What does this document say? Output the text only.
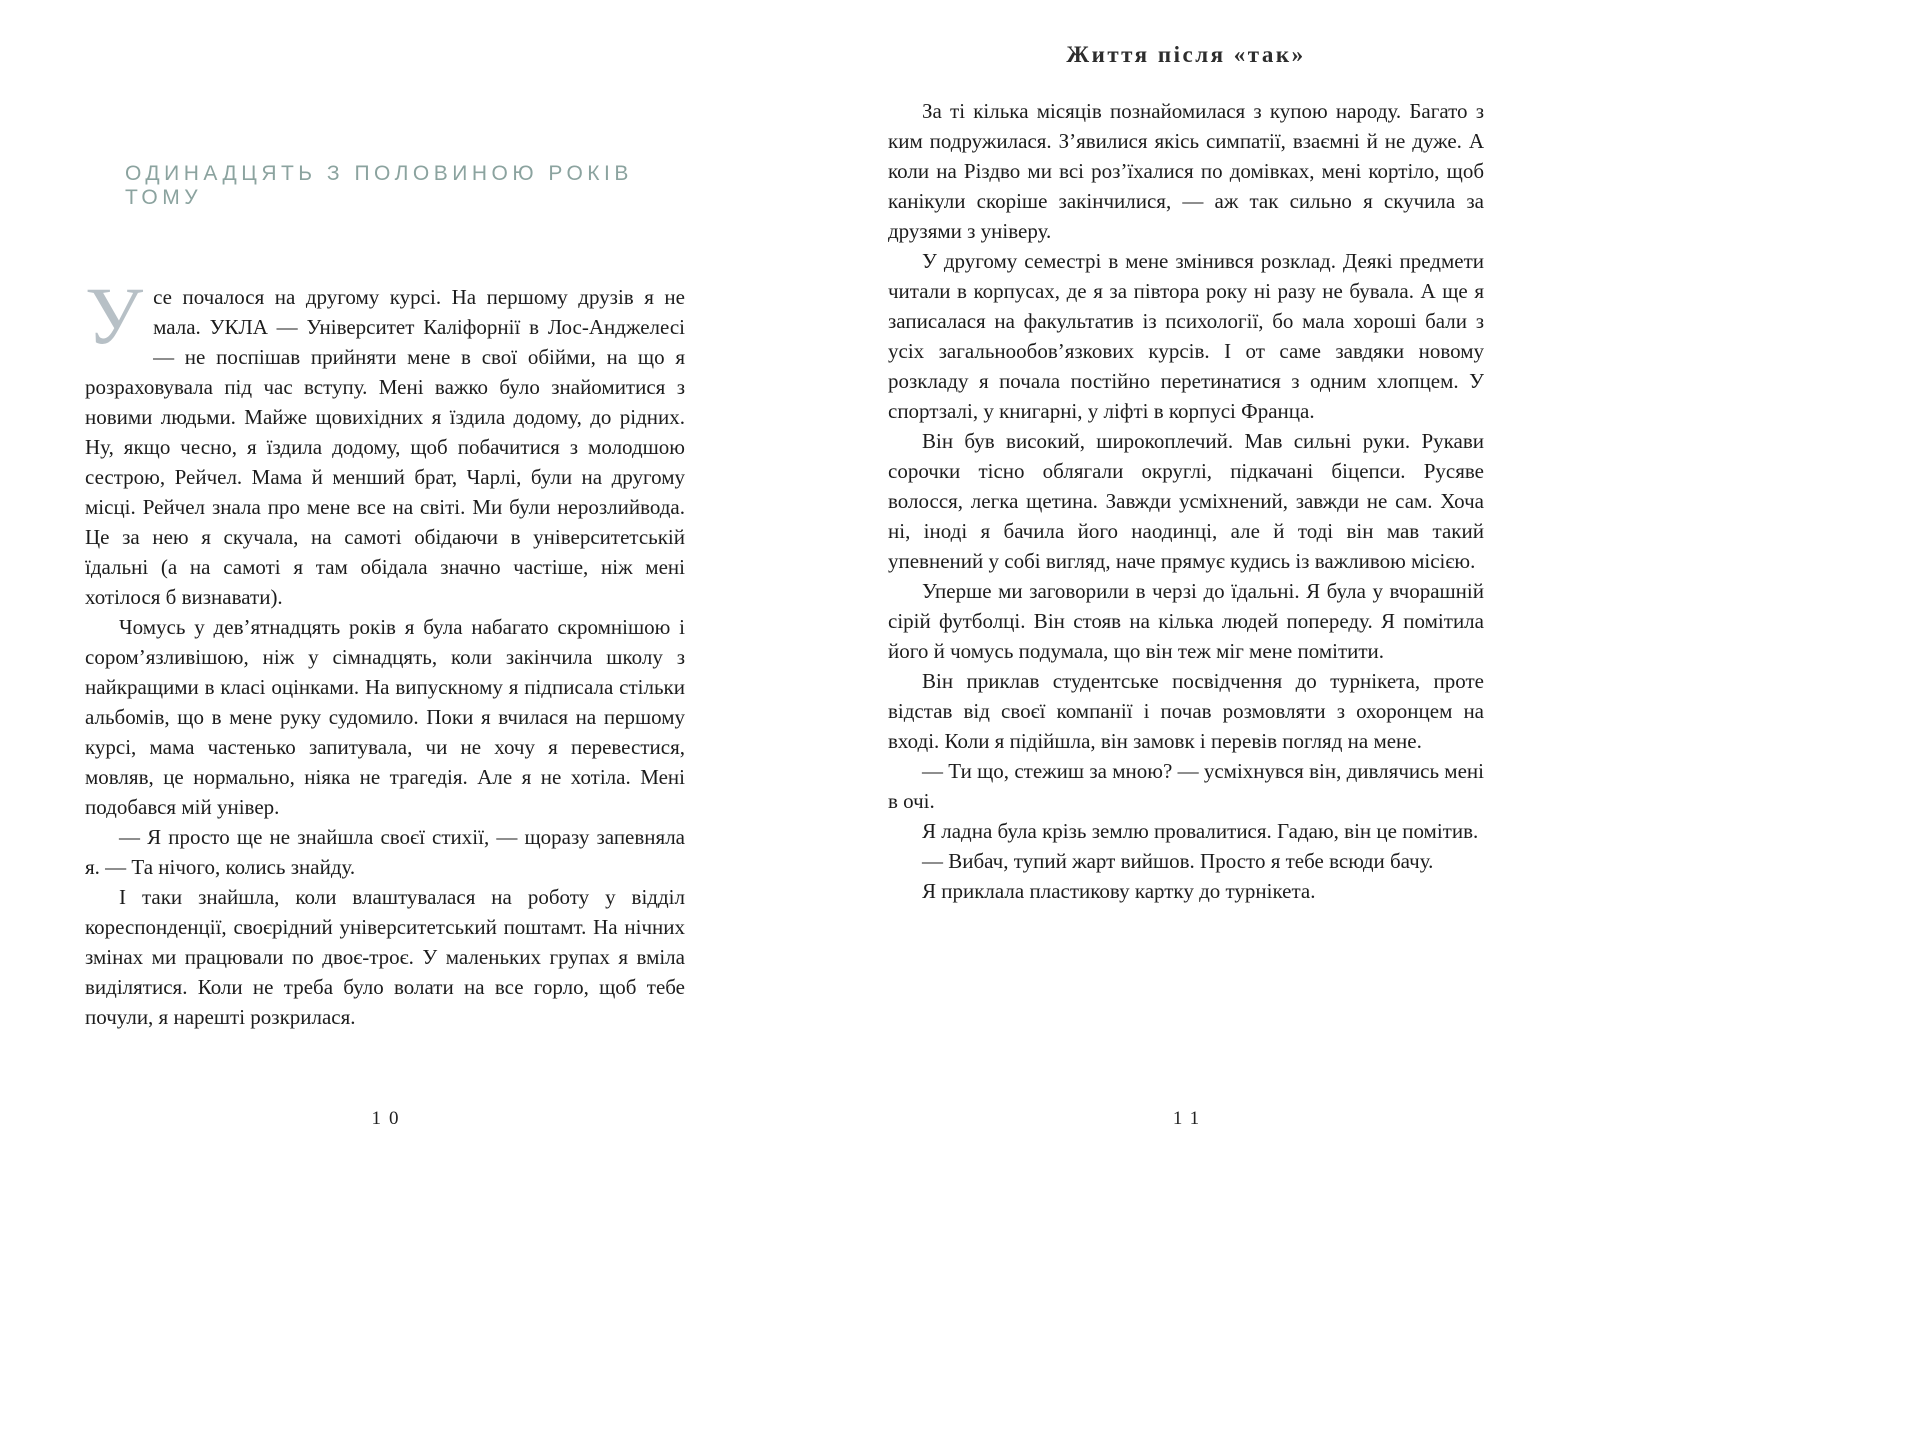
ОДИНАДЦЯТЬ З ПОЛОВИНОЮ РОКІВ ТОМУ

Усе почалося на другому курсі. На першому друзів я не мала. УКЛА — Університет Каліфорнії в Лос-Анджелесі — не поспішав прийняти мене в свої обійми, на що я розраховувала під час вступу. Мені важко було знайомитися з новими людьми. Майже щовихідних я їздила додому, до рідних. Ну, якщо чесно, я їздила додому, щоб побачитися з молодшою сестрою, Рейчел. Мама й менший брат, Чарлі, були на другому місці. Рейчел знала про мене все на світі. Ми були нерозлийвода. Це за нею я скучала, на самоті обідаючи в університетській їдальні (а на самоті я там обідала значно частіше, ніж мені хотілося б визнавати).

Чомусь у дев’ятнадцять років я була набагато скромнішою і сором’язливішою, ніж у сімнадцять, коли закінчила школу з найкращими в класі оцінками. На випускному я підписала стільки альбомів, що в мене руку судомило. Поки я вчилася на першому курсі, мама частенько запитувала, чи не хочу я перевестися, мовляв, це нормально, ніяка не трагедія. Але я не хотіла. Мені подобався мій універ.

— Я просто ще не знайшла своєї стихії, — щоразу запевняла я. — Та нічого, колись знайду.

І таки знайшла, коли влаштувалася на роботу у відділ кореспонденції, своєрідний університетський поштамт. На нічних змінах ми працювали по двоє-троє. У маленьких групах я вміла виділятися. Коли не треба було волати на все горло, щоб тебе почули, я нарешті розкрилася.

Життя після «так»

За ті кілька місяців познайомилася з купою народу. Багато з ким подружилася. З’явилися якісь симпатії, взаємні й не дуже. А коли на Різдво ми всі роз’їхалися по домівках, мені кортіло, щоб канікули скоріше закінчилися, — аж так сильно я скучила за друзями з універу.

У другому семестрі в мене змінився розклад. Деякі предмети читали в корпусах, де я за півтора року ні разу не бувала. А ще я записалася на факультатив із психології, бо мала хороші бали з усіх загальнообов’язкових курсів. І от саме завдяки новому розкладу я почала постійно перетинатися з одним хлопцем. У спортзалі, у книгарні, у ліфті в корпусі Франца.

Він був високий, широкоплечий. Мав сильні руки. Рукави сорочки тісно облягали округлі, підкачані біцепси. Русяве волосся, легка щетина. Завжди усміхнений, завжди не сам. Хоча ні, іноді я бачила його наодинці, але й тоді він мав такий упевнений у собі вигляд, наче прямує кудись із важливою місією.

Уперше ми заговорили в черзі до їдальні. Я була у вчорашній сірій футболці. Він стояв на кілька людей попереду. Я помітила його й чомусь подумала, що він теж міг мене помітити.

Він приклав студентське посвідчення до турнікета, проте відстав від своєї компанії і почав розмовляти з охоронцем на вході. Коли я підійшла, він замовк і перевів погляд на мене.

— Ти що, стежиш за мною? — усміхнувся він, дивлячись мені в очі.

Я ладна була крізь землю провалитися. Гадаю, він це помітив.

— Вибач, тупий жарт вийшов. Просто я тебе всюди бачу.

Я приклала пластикову картку до турнікета.

10	11
